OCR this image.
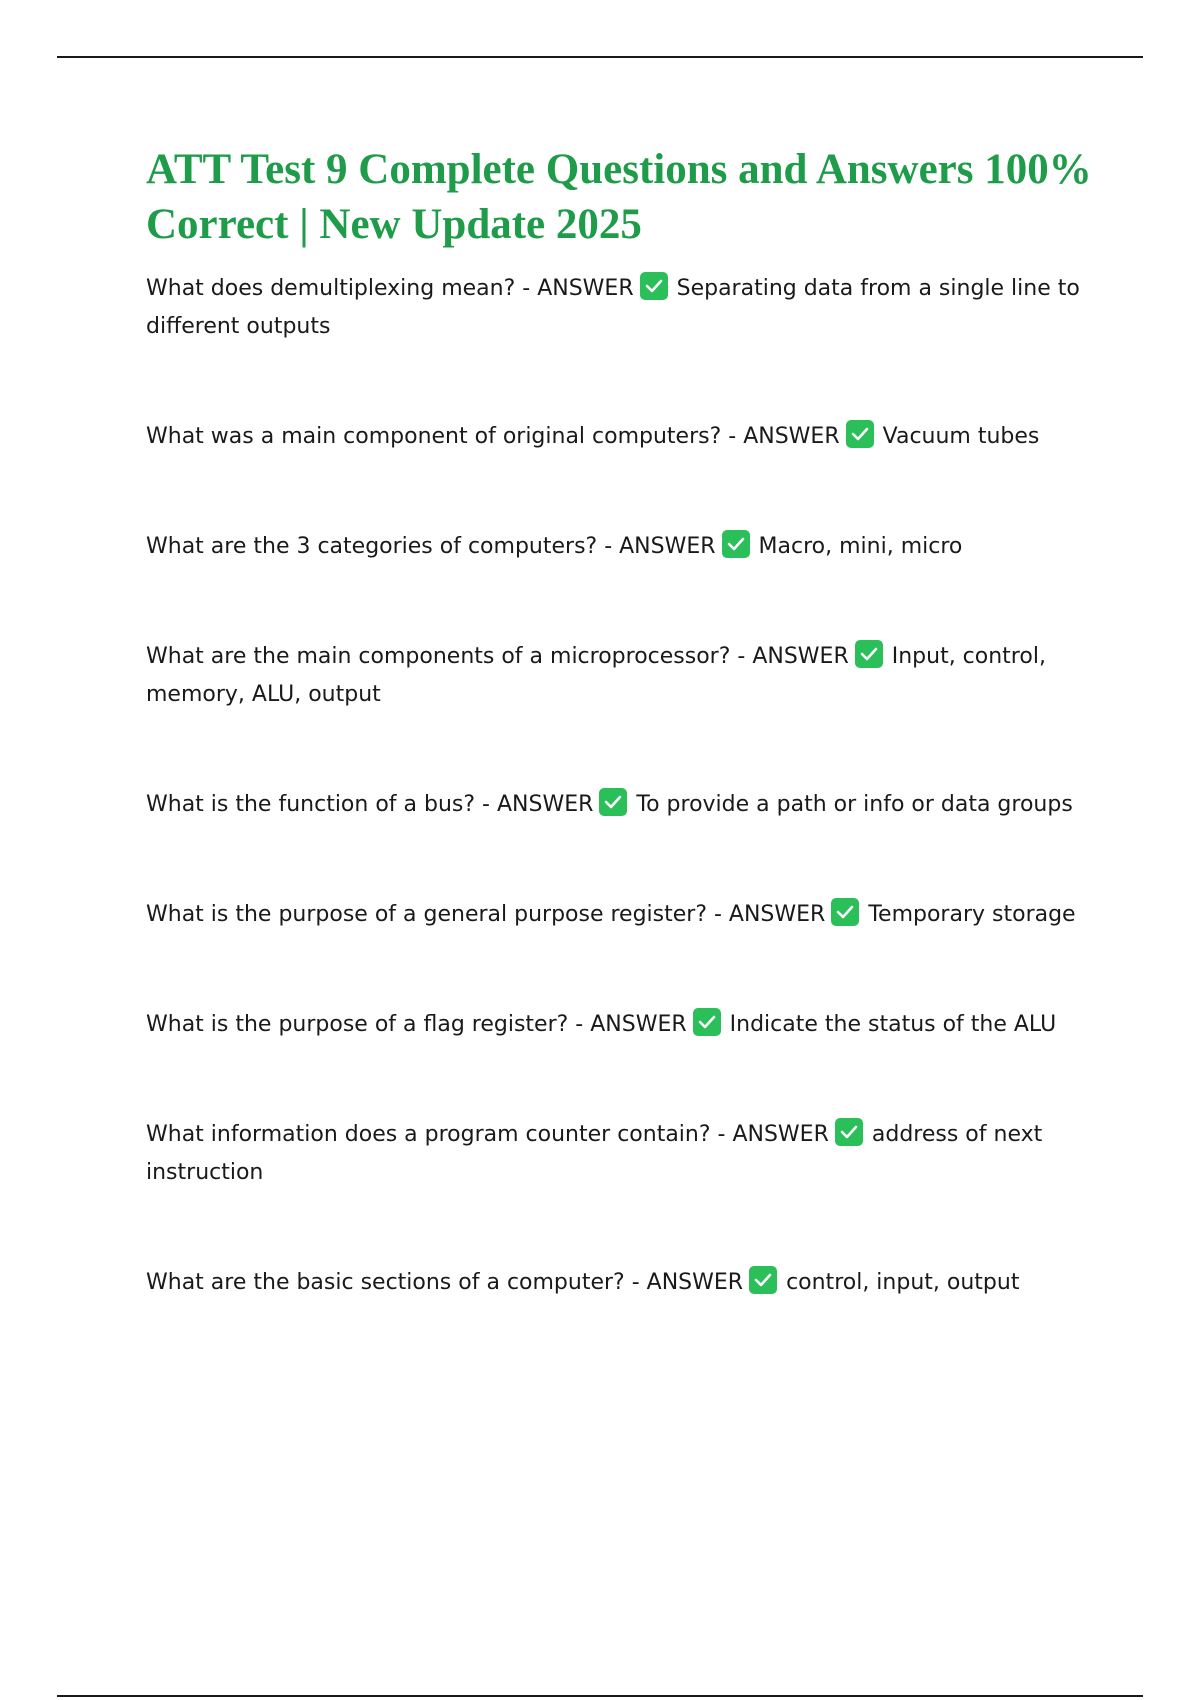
ATT Test 9 Complete Questions and Answers 100% Correct | New Update 2025
What does demultiplexing mean? - ANSWER Separating data from a single line to different outputs
What was a main component of original computers? - ANSWER Vacuum tubes
What are the 3 categories of computers? - ANSWER Macro, mini, micro
What are the main components of a microprocessor? - ANSWER Input, control, memory, ALU, output
What is the function of a bus? - ANSWER To provide a path or info or data groups
What is the purpose of a general purpose register? - ANSWER Temporary storage
What is the purpose of a flag register? - ANSWER Indicate the status of the ALU
What information does a program counter contain? - ANSWER address of next instruction
What are the basic sections of a computer? - ANSWER control, input, output
